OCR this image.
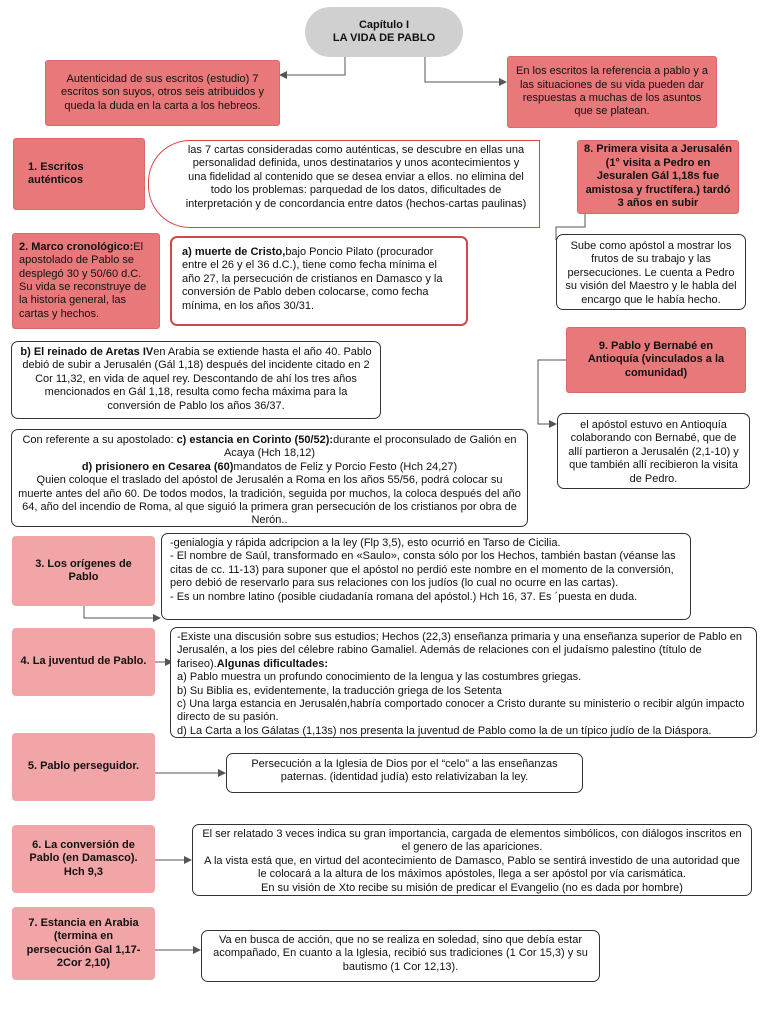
Capítulo I
LA VIDA DE PABLO
Autenticidad de sus escritos (estudio) 7 escritos son suyos, otros seis atribuidos y queda la duda en la carta a los hebreos.
En los escritos la referencia a pablo y a las situaciones de su vida pueden dar respuestas a muchas de los asuntos que se platean.
1. Escritos auténticos
las 7 cartas consideradas como auténticas, se descubre en ellas una personalidad definida, unos destinatarios y unos acontecimientos y una fidelidad al contenido que se desea enviar a ellos. no elimina del todo los problemas: parquedad de los datos, dificultades de interpretación y de concordancia entre datos (hechos-cartas paulinas)

2. Marco cronológico:El apostolado de Pablo se desplegó 30 y 50/60 d.C. Su vida se reconstruye de la historia general, las cartas y hechos.

a) muerte de Cristo,bajo Poncio Pilato (procurador entre el 26 y el 36 d.C.), tiene como fecha mínima el año 27, la persecución de cristianos en Damasco y la conversión de Pablo deben colocarse, como fecha mínima, en los años 30/31.

b) El reinado de Aretas IVen Arabia se extiende hasta el año 40. Pablo debió de subir a Jerusalén (Gál 1,18) después del incidente citado en 2 Cor 11,32, en vida de aquel rey. Descontando de ahí los tres años mencionados en Gál 1,18, resulta como fecha máxima para la conversión de Pablo los años 36/37.

Con referente a su apostolado: c) estancia en Corinto (50/52):durante el proconsulado de Galión en Acaya (Hch 18,12)

d) prisionero en Cesarea (60)mandatos de Feliz y Porcio Festo (Hch 24,27)

Quien coloque el traslado del apóstol de Jerusalén a Roma en los años 55/56, podrá colocar su muerte antes del año 60. De todos modos, la tradición, seguida por muchos, la coloca después del año 64, año del incendio de Roma, al que siguió la primera gran persecución de los cristianos por obra de Nerón..

8. Primera visita a Jerusalén (1° visita a Pedro en Jesuralen Gál 1,18s fue amistosa y fructífera.) tardó 3 años en subir
Sube como apóstol a mostrar los frutos de su trabajo y las persecuciones. Le cuenta a Pedro su visión del Maestro y le habla del encargo que le había hecho.
9. Pablo y Bernabé en Antioquía (vinculados a la comunidad)
el apóstol estuvo en Antioquía colaborando con Bernabé, que de allí partieron a Jerusalén (2,1-10) y que también allí recibieron la visita de Pedro.
3. Los orígenes de Pablo

-genialogia y rápida adcripcion a la ley (Flp 3,5), esto ocurrió en Tarso de Cicilia.

- El nombre de Saúl, transformado en «Saulo», consta sólo por los Hechos, también bastan (véanse las citas de cc. 11-13) para suponer que el apóstol no perdió este nombre en el momento de la conversión, pero debió de reservarlo para sus relaciones con los judíos (lo cual no ocurre en las cartas).

- Es un nombre latino (posible ciudadanía romana del apóstol.) Hch 16, 37. Es ´puesta en duda.

4. La juventud de Pablo.

-Existe una discusión sobre sus estudios; Hechos (22,3) enseñanza primaria y una enseñanza superior de Pablo en Jerusalén, a los pies del célebre rabino Gamaliel. Además de relaciones con el judaísmo palestino (título de fariseo).Algunas dificultades:

a) Pablo muestra un profundo conocimiento de la lengua y las costumbres griegas.

b) Su Biblia es, evidentemente, la traducción griega de los Setenta

c) Una larga estancia en Jerusalén,habría comportado conocer a Cristo durante su ministerio o recibir algún impacto directo de su pasión.

d) La Carta a los Gálatas (1,13s) nos presenta la juventud de Pablo como la de un típico judío de la Diáspora.

5. Pablo perseguidor.	Persecución a la Iglesia de Dios por el “celo” a las enseñanzas paternas. (identidad judía) esto relativizaban la ley.
6. La conversión de Pablo (en Damasco). Hch 9,3

El ser relatado 3 veces indica su gran importancia, cargada de elementos simbólicos, con diálogos inscritos en el genero de las apariciones.

A la vista está que, en virtud del acontecimiento de Damasco, Pablo se sentirá investido de una autoridad que le colocará a la altura de los máximos apóstoles, llega a ser apóstol por vía carismática.

En su visión de Xto recibe su misión de predicar el Evangelio (no es dada por hombre)

7. Estancia en Arabia (termina en persecución Gal 1,17- 2Cor 2,10)
Va en busca de acción, que no se realiza en soledad, sino que debía estar acompañado, En cuanto a la Iglesia, recibió sus tradiciones (1 Cor 15,3) y su bautismo (1 Cor 12,13).
